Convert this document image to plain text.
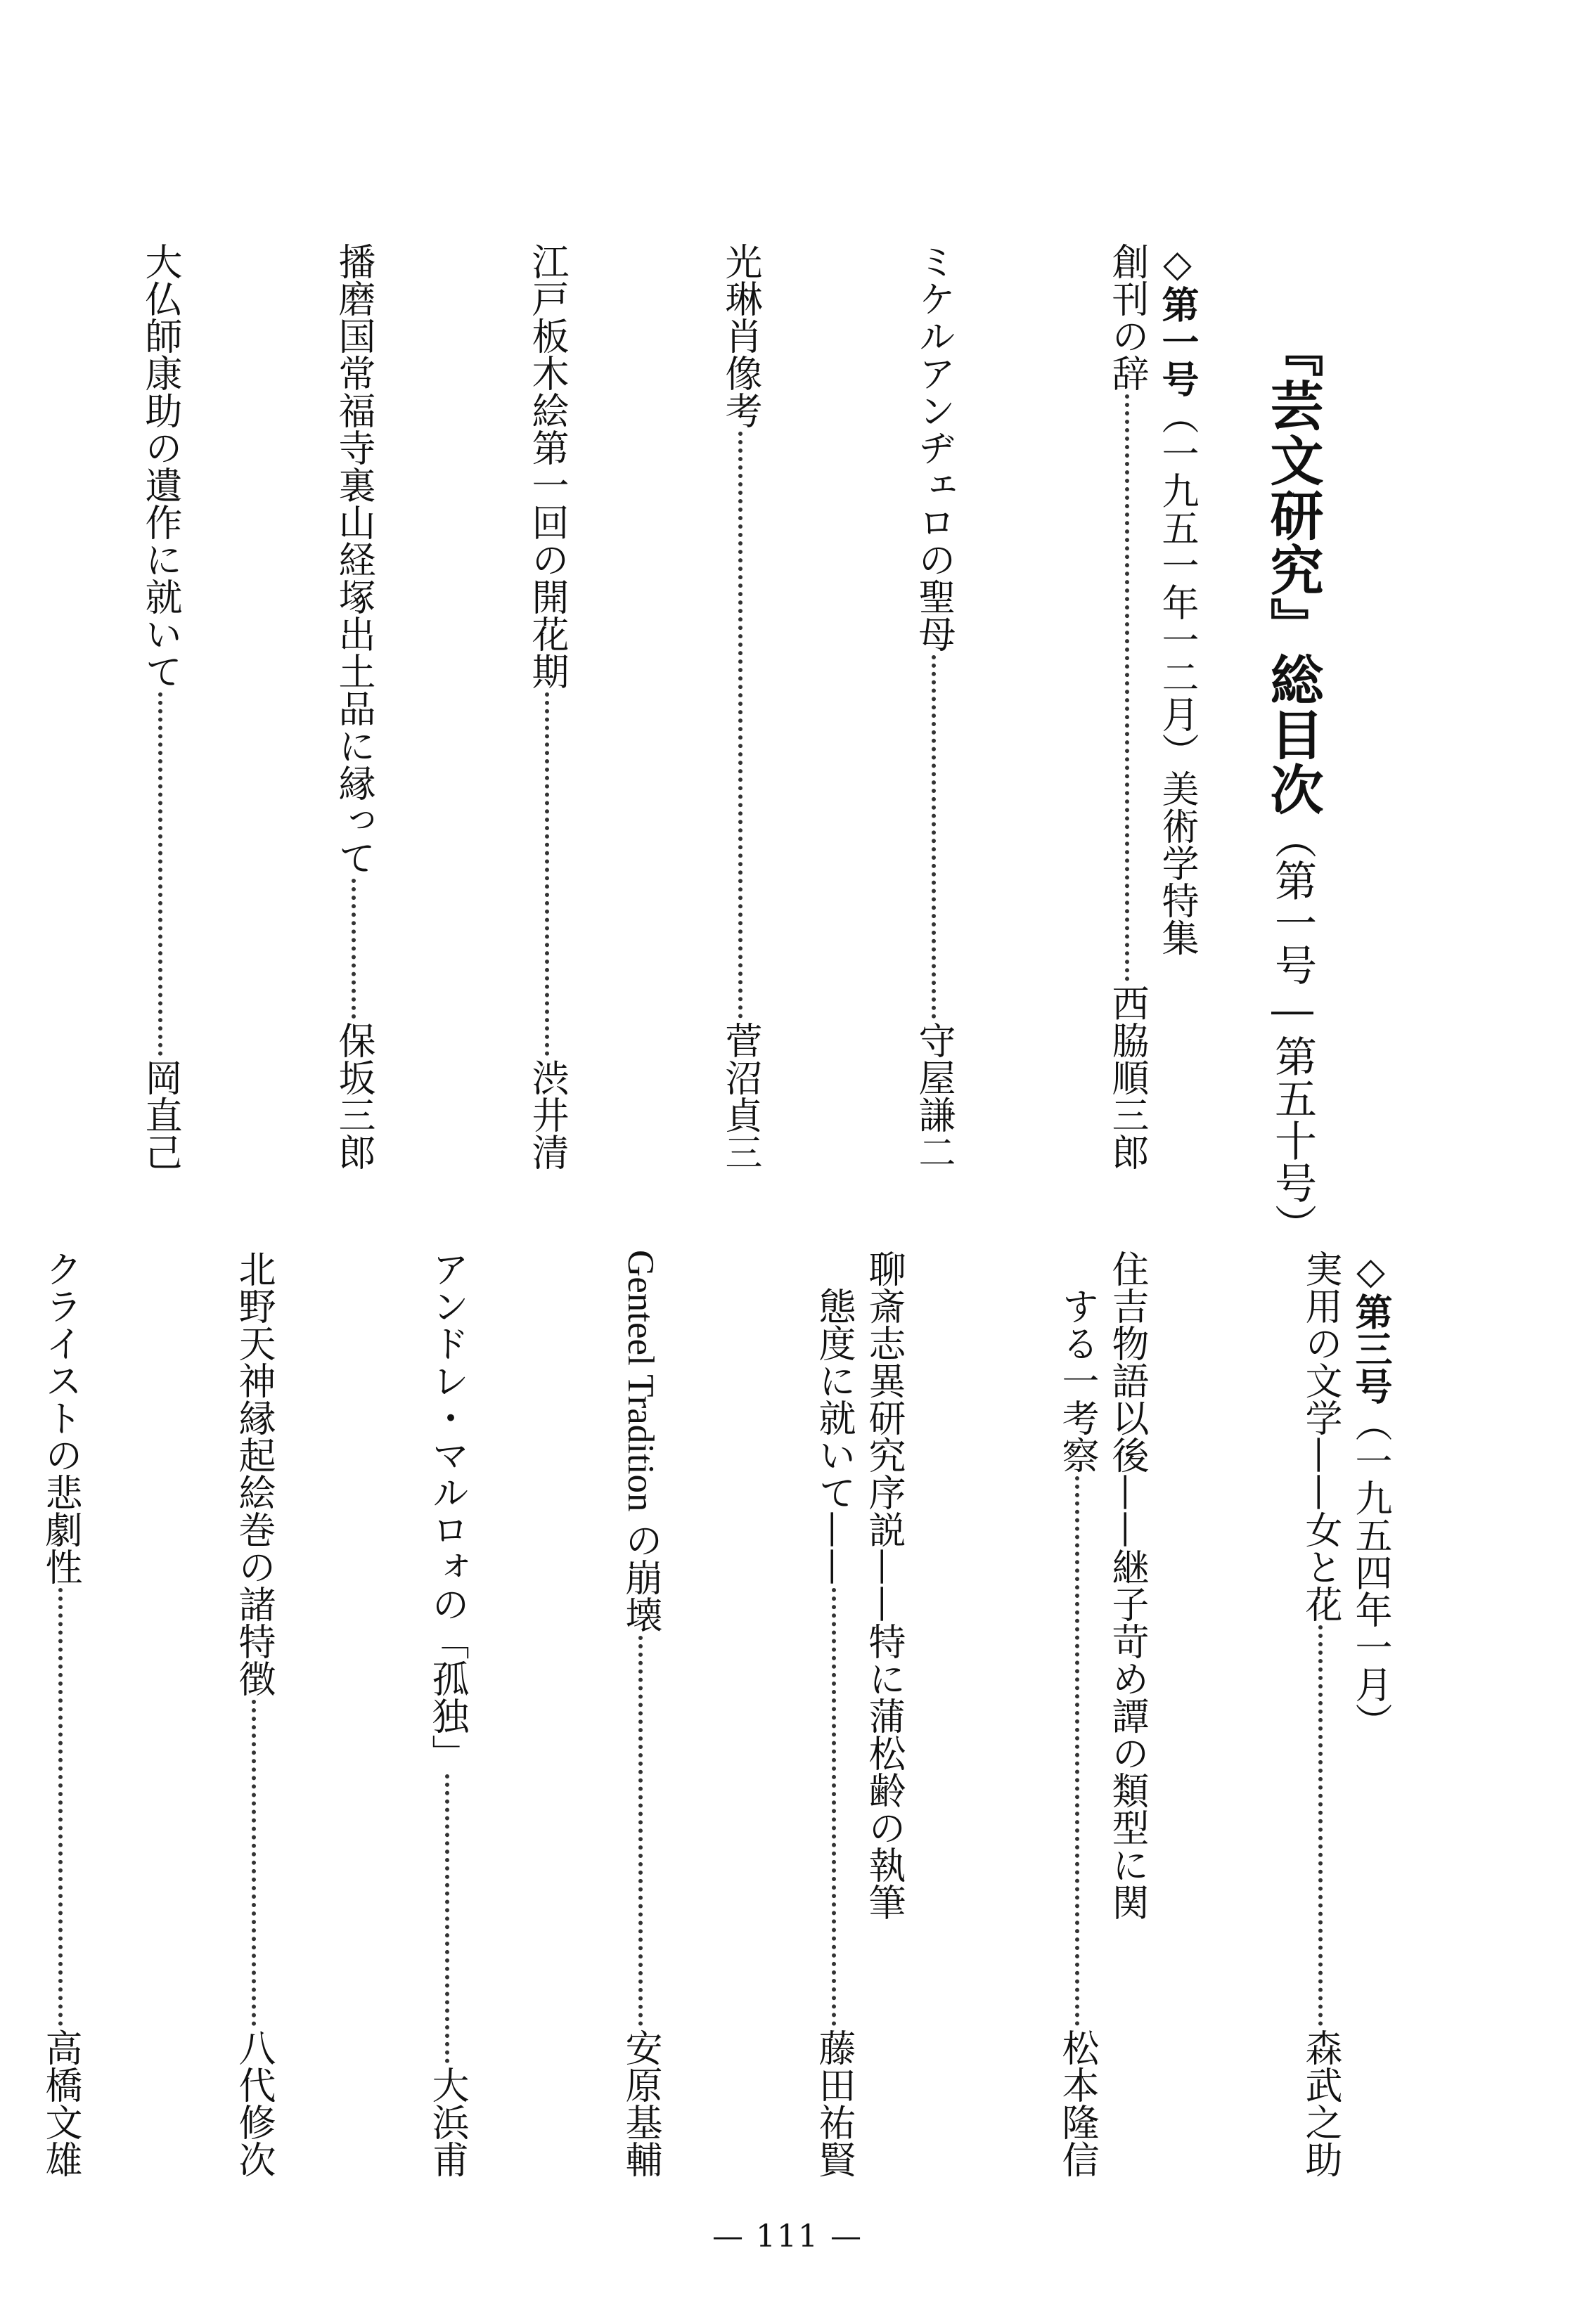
『芸文研究』総目次（第一号―第五十号）
◇第一号
（一九五一年一二月）美術学特集
創刊の辞
西脇順三郎
ミケルアンヂェロの聖母
守屋謙二
光琳肖像考
菅沼貞三
江戸板木絵第一回の開花期
渋井清
播磨国常福寺裏山経塚出土品に縁って
保坂三郎
大仏師康助の遺作に就いて
岡直己
◇第三号
（一九五四年一月）
実用の文学——女と花
森武之助
住吉物語以後——継子苛め譚の類型に関
する一考察
松本隆信
聊斎志異研究序説——特に蒲松齢の執筆
態度に就いて——
藤田祐賢
Genteel Tradition の崩壊
安原基輔
アンドレ・マルロォの「孤独」
大浜甫
北野天神縁起絵巻の諸特徴
八代修次
クライストの悲劇性
高橋文雄
— 111 —
